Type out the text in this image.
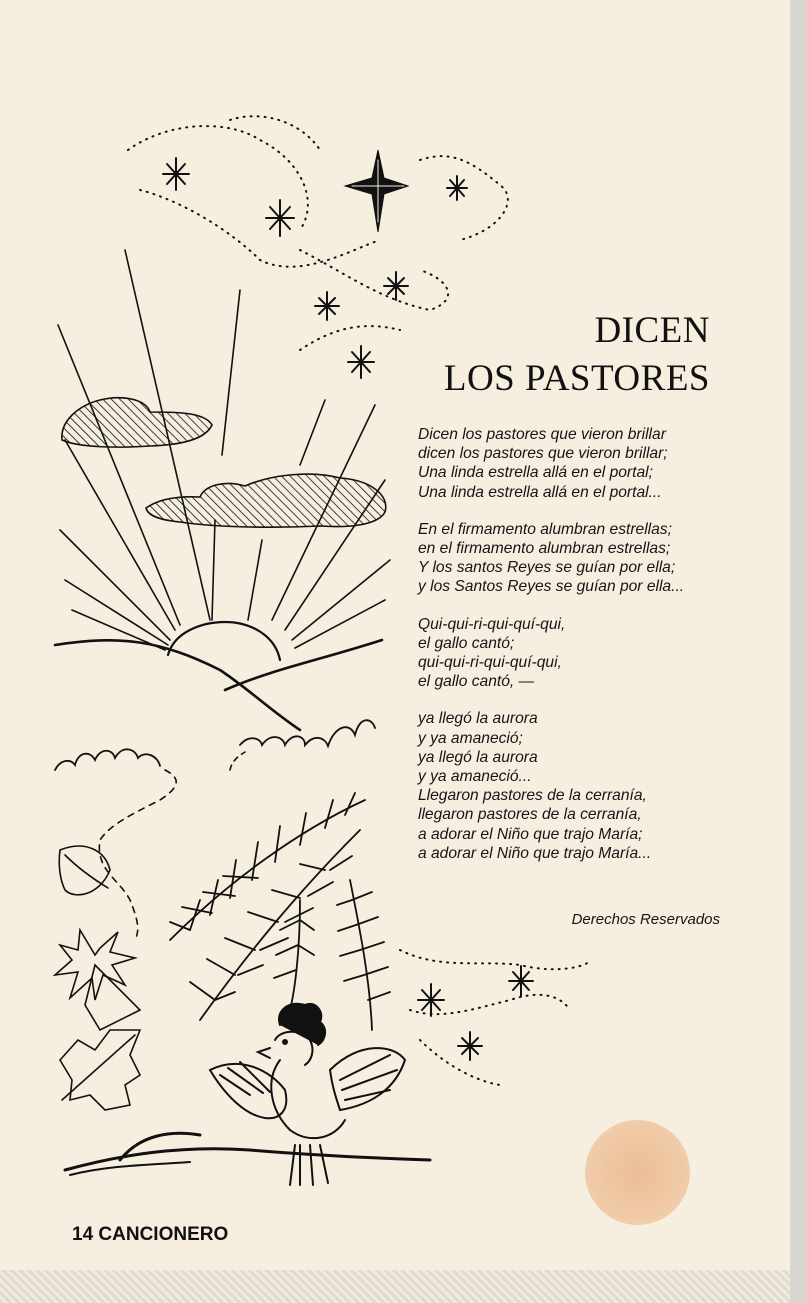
DICEN
LOS PASTORES
Dicen los pastores que vieron brillar
dicen los pastores que vieron brillar;
Una linda estrella allá en el portal;
Una linda estrella allá en el portal...
En el firmamento alumbran estrellas;
en el firmamento alumbran estrellas;
Y los santos Reyes se guían por ella;
y los Santos Reyes se guían por ella...
Qui-qui-ri-qui-quí-qui,
el gallo cantó;
qui-qui-ri-qui-quí-qui,
el gallo cantó, —
ya llegó la aurora
y ya amaneció;
ya llegó la aurora
y ya amaneció...
Llegaron pastores de la cerranía,
llegaron pastores de la cerranía,
a adorar el Niño que trajo María;
a adorar el Niño que trajo María...
Derechos Reservados
14 CANCIONERO
